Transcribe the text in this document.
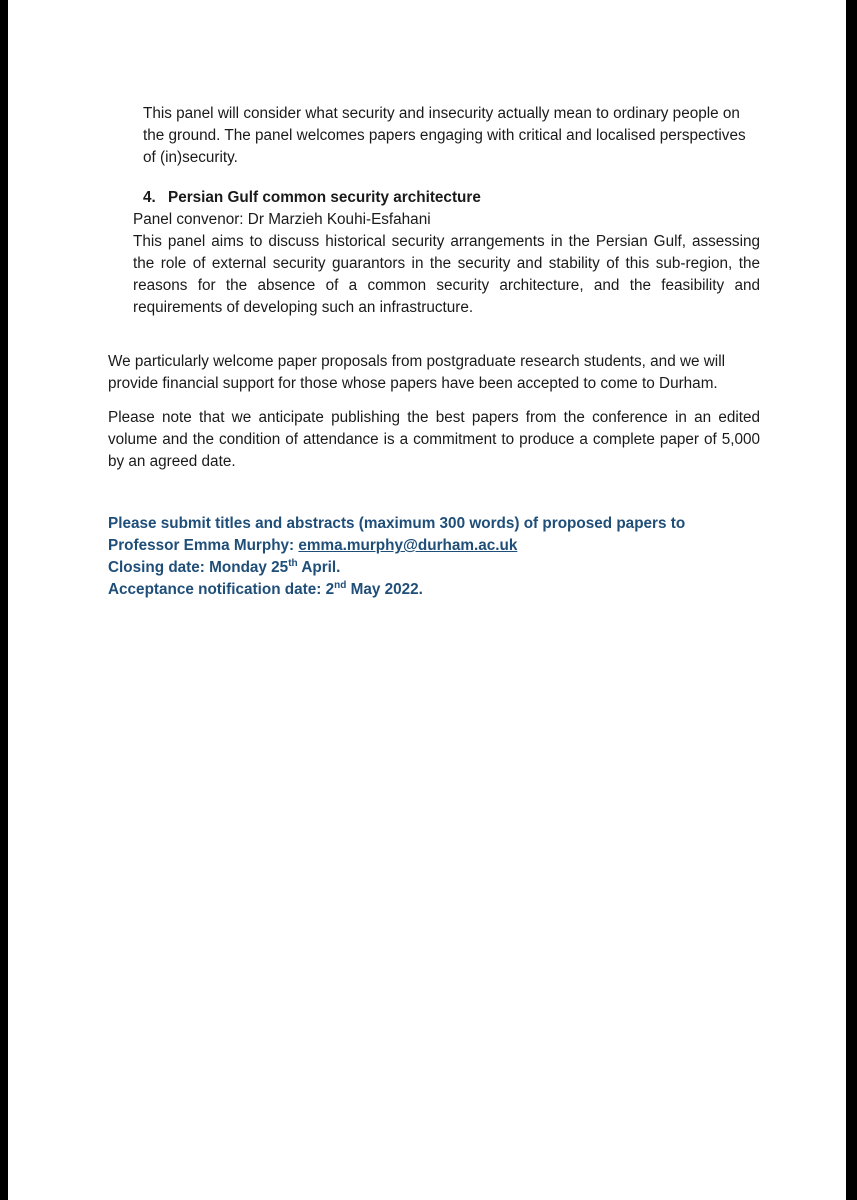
This panel will consider what security and insecurity actually mean to ordinary people on the ground. The panel welcomes papers engaging with critical and localised perspectives of (in)security.

4. Persian Gulf common security architecture

Panel convenor: Dr Marzieh Kouhi-Esfahani

This panel aims to discuss historical security arrangements in the Persian Gulf, assessing the role of external security guarantors in the security and stability of this sub-region, the reasons for the absence of a common security architecture, and the feasibility and requirements of developing such an infrastructure.

We particularly welcome paper proposals from postgraduate research students, and we will provide financial support for those whose papers have been accepted to come to Durham.

Please note that we anticipate publishing the best papers from the conference in an edited volume and the condition of attendance is a commitment to produce a complete paper of 5,000 by an agreed date.

Please submit titles and abstracts (maximum 300 words) of proposed papers to Professor Emma Murphy: emma.murphy@durham.ac.uk

Closing date: Monday 25th April.

Acceptance notification date: 2nd May 2022.
